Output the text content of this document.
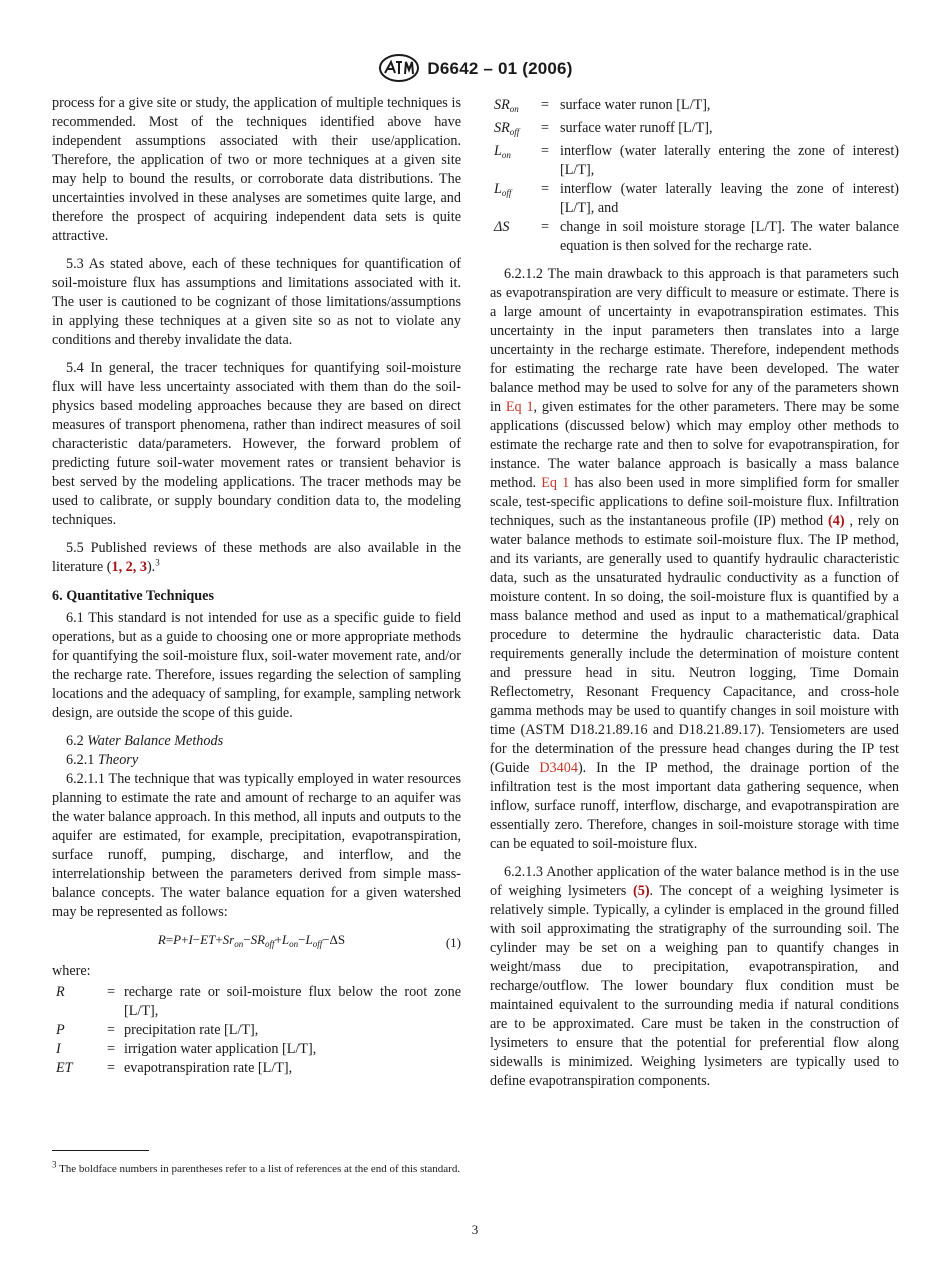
D6642 – 01 (2006)

process for a give site or study, the application of multiple techniques is recommended. Most of the techniques identified above have independent assumptions associated with their use/application. Therefore, the application of two or more techniques at a given site may help to bound the results, or corroborate data distributions. The uncertainties involved in these analyses are sometimes quite large, and therefore the prospect of acquiring independent data sets is quite attractive.

5.3 As stated above, each of these techniques for quantification of soil-moisture flux has assumptions and limitations associated with it. The user is cautioned to be cognizant of those limitations/assumptions in applying these techniques at a given site so as not to violate any conditions and thereby invalidate the data.

5.4 In general, the tracer techniques for quantifying soil-moisture flux will have less uncertainty associated with them than do the soil-physics based modeling approaches because they are based on direct measures of transport phenomena, rather than indirect measures of soil characteristic data/parameters. However, the forward problem of predicting future soil-water movement rates or transient behavior is best served by the modeling applications. The tracer methods may be used to calibrate, or supply boundary condition data to, the modeling techniques.

5.5 Published reviews of these methods are also available in the literature (1, 2, 3).$^3$

6. Quantitative Techniques

6.1 This standard is not intended for use as a specific guide to field operations, but as a guide to choosing one or more appropriate methods for quantifying the soil-moisture flux, soil-water movement rate, and/or the recharge rate. Therefore, issues regarding the selection of sampling locations and the adequacy of sampling, for example, sampling network design, are outside the scope of this guide.

6.2 Water Balance Methods

6.2.1 Theory

6.2.1.1 The technique that was typically employed in water resources planning to estimate the rate and amount of recharge to an aquifer was the water balance approach. In this method, all inputs and outputs to the aquifer are estimated, for example, precipitation, evapotranspiration, surface runoff, pumping, discharge, and interflow, and the interrelationship between the parameters derived from simple mass-balance concepts. The water balance equation for a given watershed may be represented as follows:

$R=P+I-ET+Sr_{on}-SR_{off}+L_{on}-L_{off}-\Delta S$	(1)

where:

R	= recharge rate or soil-moisture flux below the root zone [L/T],
P	= precipitation rate [L/T],
I	= irrigation water application [L/T],
ET	= evapotranspiration rate [L/T],
$^3$ The boldface numbers in parentheses refer to a list of references at the end of this standard.
$SR_{on}$	= surface water runon [L/T],
$SR_{off}$	= surface water runoff [L/T],
$L_{on}$	= interflow (water laterally entering the zone of interest) [L/T],
$L_{off}$	= interflow (water laterally leaving the zone of interest) [L/T], and
ΔS	= change in soil moisture storage [L/T]. The water balance equation is then solved for the recharge rate.

6.2.1.2 The main drawback to this approach is that parameters such as evapotranspiration are very difficult to measure or estimate. There is a large amount of uncertainty in evapotranspiration estimates. This uncertainty in the input parameters then translates into a large uncertainty in the recharge estimate. Therefore, independent methods for estimating the recharge rate have been developed. The water balance method may be used to solve for any of the parameters shown in Eq 1, given estimates for the other parameters. There may be some applications (discussed below) which may employ other methods to estimate the recharge rate and then to solve for evapotranspiration, for instance. The water balance approach is basically a mass balance method. Eq 1 has also been used in more simplified form for smaller scale, test-specific applications to define soil-moisture flux. Infiltration techniques, such as the instantaneous profile (IP) method (4) , rely on water balance methods to estimate soil-moisture flux. The IP method, and its variants, are generally used to quantify hydraulic characteristic data, such as the unsaturated hydraulic conductivity as a function of moisture content. In so doing, the soil-moisture flux is quantified by a mass balance method and used as input to a mathematical/graphical procedure to determine the hydraulic characteristic data. Data requirements generally include the determination of moisture content and pressure head in situ. Neutron logging, Time Domain Reflectometry, Resonant Frequency Capacitance, and cross-hole gamma methods may be used to quantify changes in soil moisture with time (ASTM D18.21.89.16 and D18.21.89.17). Tensiometers are used for the determination of the pressure head changes during the IP test (Guide D3404). In the IP method, the drainage portion of the infiltration test is the most important data gathering sequence, when inflow, surface runoff, interflow, discharge, and evapotranspiration are essentially zero. Therefore, changes in soil-moisture storage with time can be equated to soil-moisture flux.

6.2.1.3 Another application of the water balance method is in the use of weighing lysimeters (5). The concept of a weighing lysimeter is relatively simple. Typically, a cylinder is emplaced in the ground filled with soil approximating the stratigraphy of the surrounding soil. The cylinder may be set on a weighing pan to quantify changes in weight/mass due to precipitation, evapotranspiration, and recharge/outflow. The lower boundary flux condition must be maintained equivalent to the surrounding media if natural conditions are to be approximated. Care must be taken in the construction of lysimeters to ensure that the potential for preferential flow along sidewalls is minimized. Weighing lysimeters are typically used to define evapotranspiration components.

3
